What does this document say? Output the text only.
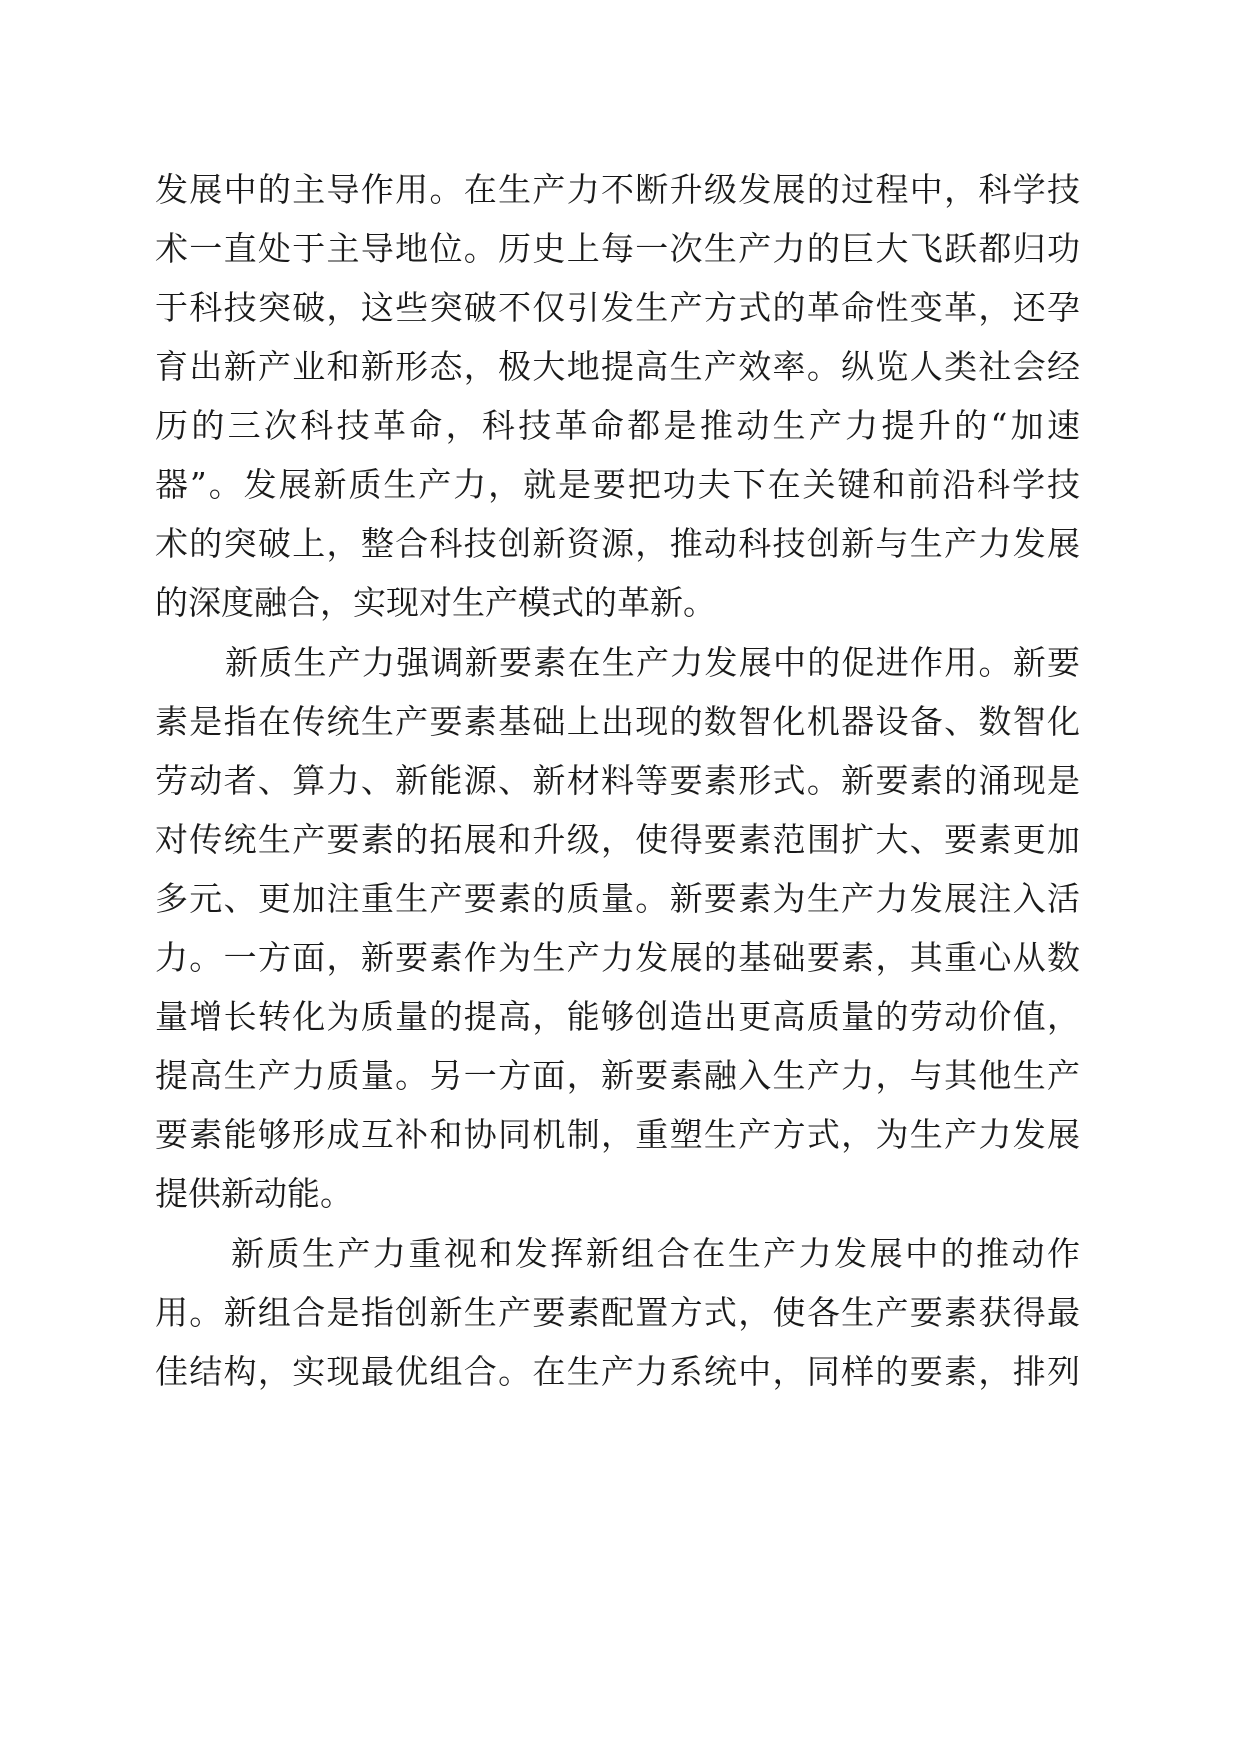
发展中的主导作用。在生产力不断升级发展的过程中，科学技
术一直处于主导地位。历史上每一次生产力的巨大飞跃都归功
于科技突破，这些突破不仅引发生产方式的革命性变革，还孕
育出新产业和新形态，极大地提高生产效率。纵览人类社会经
历的三次科技革命，科技革命都是推动生产力提升的“加速
器”。发展新质生产力，就是要把功夫下在关键和前沿科学技
术的突破上，整合科技创新资源，推动科技创新与生产力发展
的深度融合，实现对生产模式的革新。
新质生产力强调新要素在生产力发展中的促进作用。新要
素是指在传统生产要素基础上出现的数智化机器设备、数智化
劳动者、算力、新能源、新材料等要素形式。新要素的涌现是
对传统生产要素的拓展和升级，使得要素范围扩大、要素更加
多元、更加注重生产要素的质量。新要素为生产力发展注入活
力。一方面，新要素作为生产力发展的基础要素，其重心从数
量增长转化为质量的提高，能够创造出更高质量的劳动价值，
提高生产力质量。另一方面，新要素融入生产力，与其他生产
要素能够形成互补和协同机制，重塑生产方式，为生产力发展
提供新动能。
新质生产力重视和发挥新组合在生产力发展中的推动作
用。新组合是指创新生产要素配置方式，使各生产要素获得最
佳结构，实现最优组合。在生产力系统中，同样的要素，排列
